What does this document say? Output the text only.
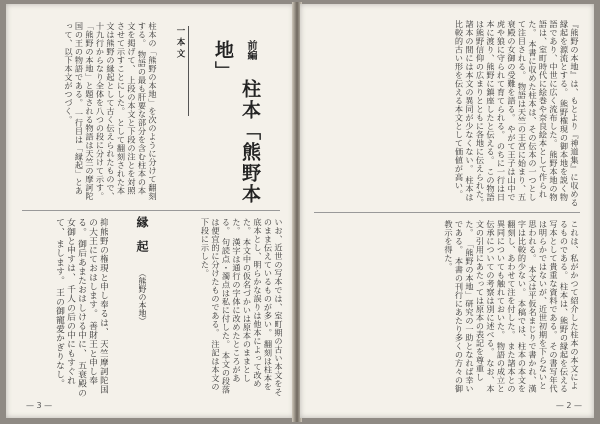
柱本の「熊野の本地」を次のように分けて翻刻する。 物語の最も肝要な部分を含む柱本の本文を掲げて、 上段の本文と下段の注とを対照させて示すことにした。 として翻刻された本文は熊野の縁起として古く伝えられたもので、 十九行からなり全体を八つの段に分けて示す。 「熊野の本地」と題される物語は天竺の摩訶陀国の王の物語である。 一行目は「縁起」とあって、以下本文がつづく。	一 本 文	前編 柱本「熊野本地」
いお、近世の写本では、室町期の古い本文をそのまま伝えているものが多い。 翻刻は柱本を底本とし、明らかな誤りは他本によって改めた。 本文中の仮名づかいは原本のままとした。 漢字は通行の字体に改めたところがある。 句読点・濁点は私に付した。 本文の段落は便宜的に分けたものである。 注記は本文の下段に示した。
縁 起 （熊野の本地）
抑熊野の権現と申し奉るは、 天竺摩訶陀国の大王にておはします。 善財王と申し奉る。 御后あまたおはしける中に、 五衰殿の女御と申すは、 千人の后の中にもすぐれて、 まします。 王の御寵愛かぎりなし。
— 3 —
『熊野の本地』は、もとより『神道集』に収める縁起を源流とする。 熊野権現の御本地を説く物語であり、中世に広く流布した。 熊野本地の物語は、室町時代に絵巻や奈良絵本として作られた。 本書に収めた柱本は、その伝本の一つとして注目される。 物語は天竺の王宮に始まり、五衰殿の女御の受難を語る。 やがて王子は山中で虎や狼に守られて育てられる。 のちに一行は日本に渡り、熊野に鎮座したと伝える。 この物語は熊野信仰の広まりとともに各地に伝えられた。 諸本の間には本文の異同が少なくない。 柱本は比較的古い形を伝える本文として価値が高い。
これは、私がかつて紹介した柱本の本文によるものである。 柱本は、熊野の縁起を伝える写本として貴重な資料である。 その書写年代は明らかではないが、近世初期を下らないと思われる。 本文は平仮名まじりで書かれ、漢字は比較的少ない。 本稿では、柱本の本文を翻刻し、あわせて注を付した。 また諸本との異同についても触れておいた。 物語の成立と伝承についての考察は別に述べる。 なお、本文の引用にあたっては原本の表記を尊重した。 「熊野の本地」研究の一助となれば幸いである。 本書の刊行にあたり多くの方々の御教示を得た。
— 2 —
